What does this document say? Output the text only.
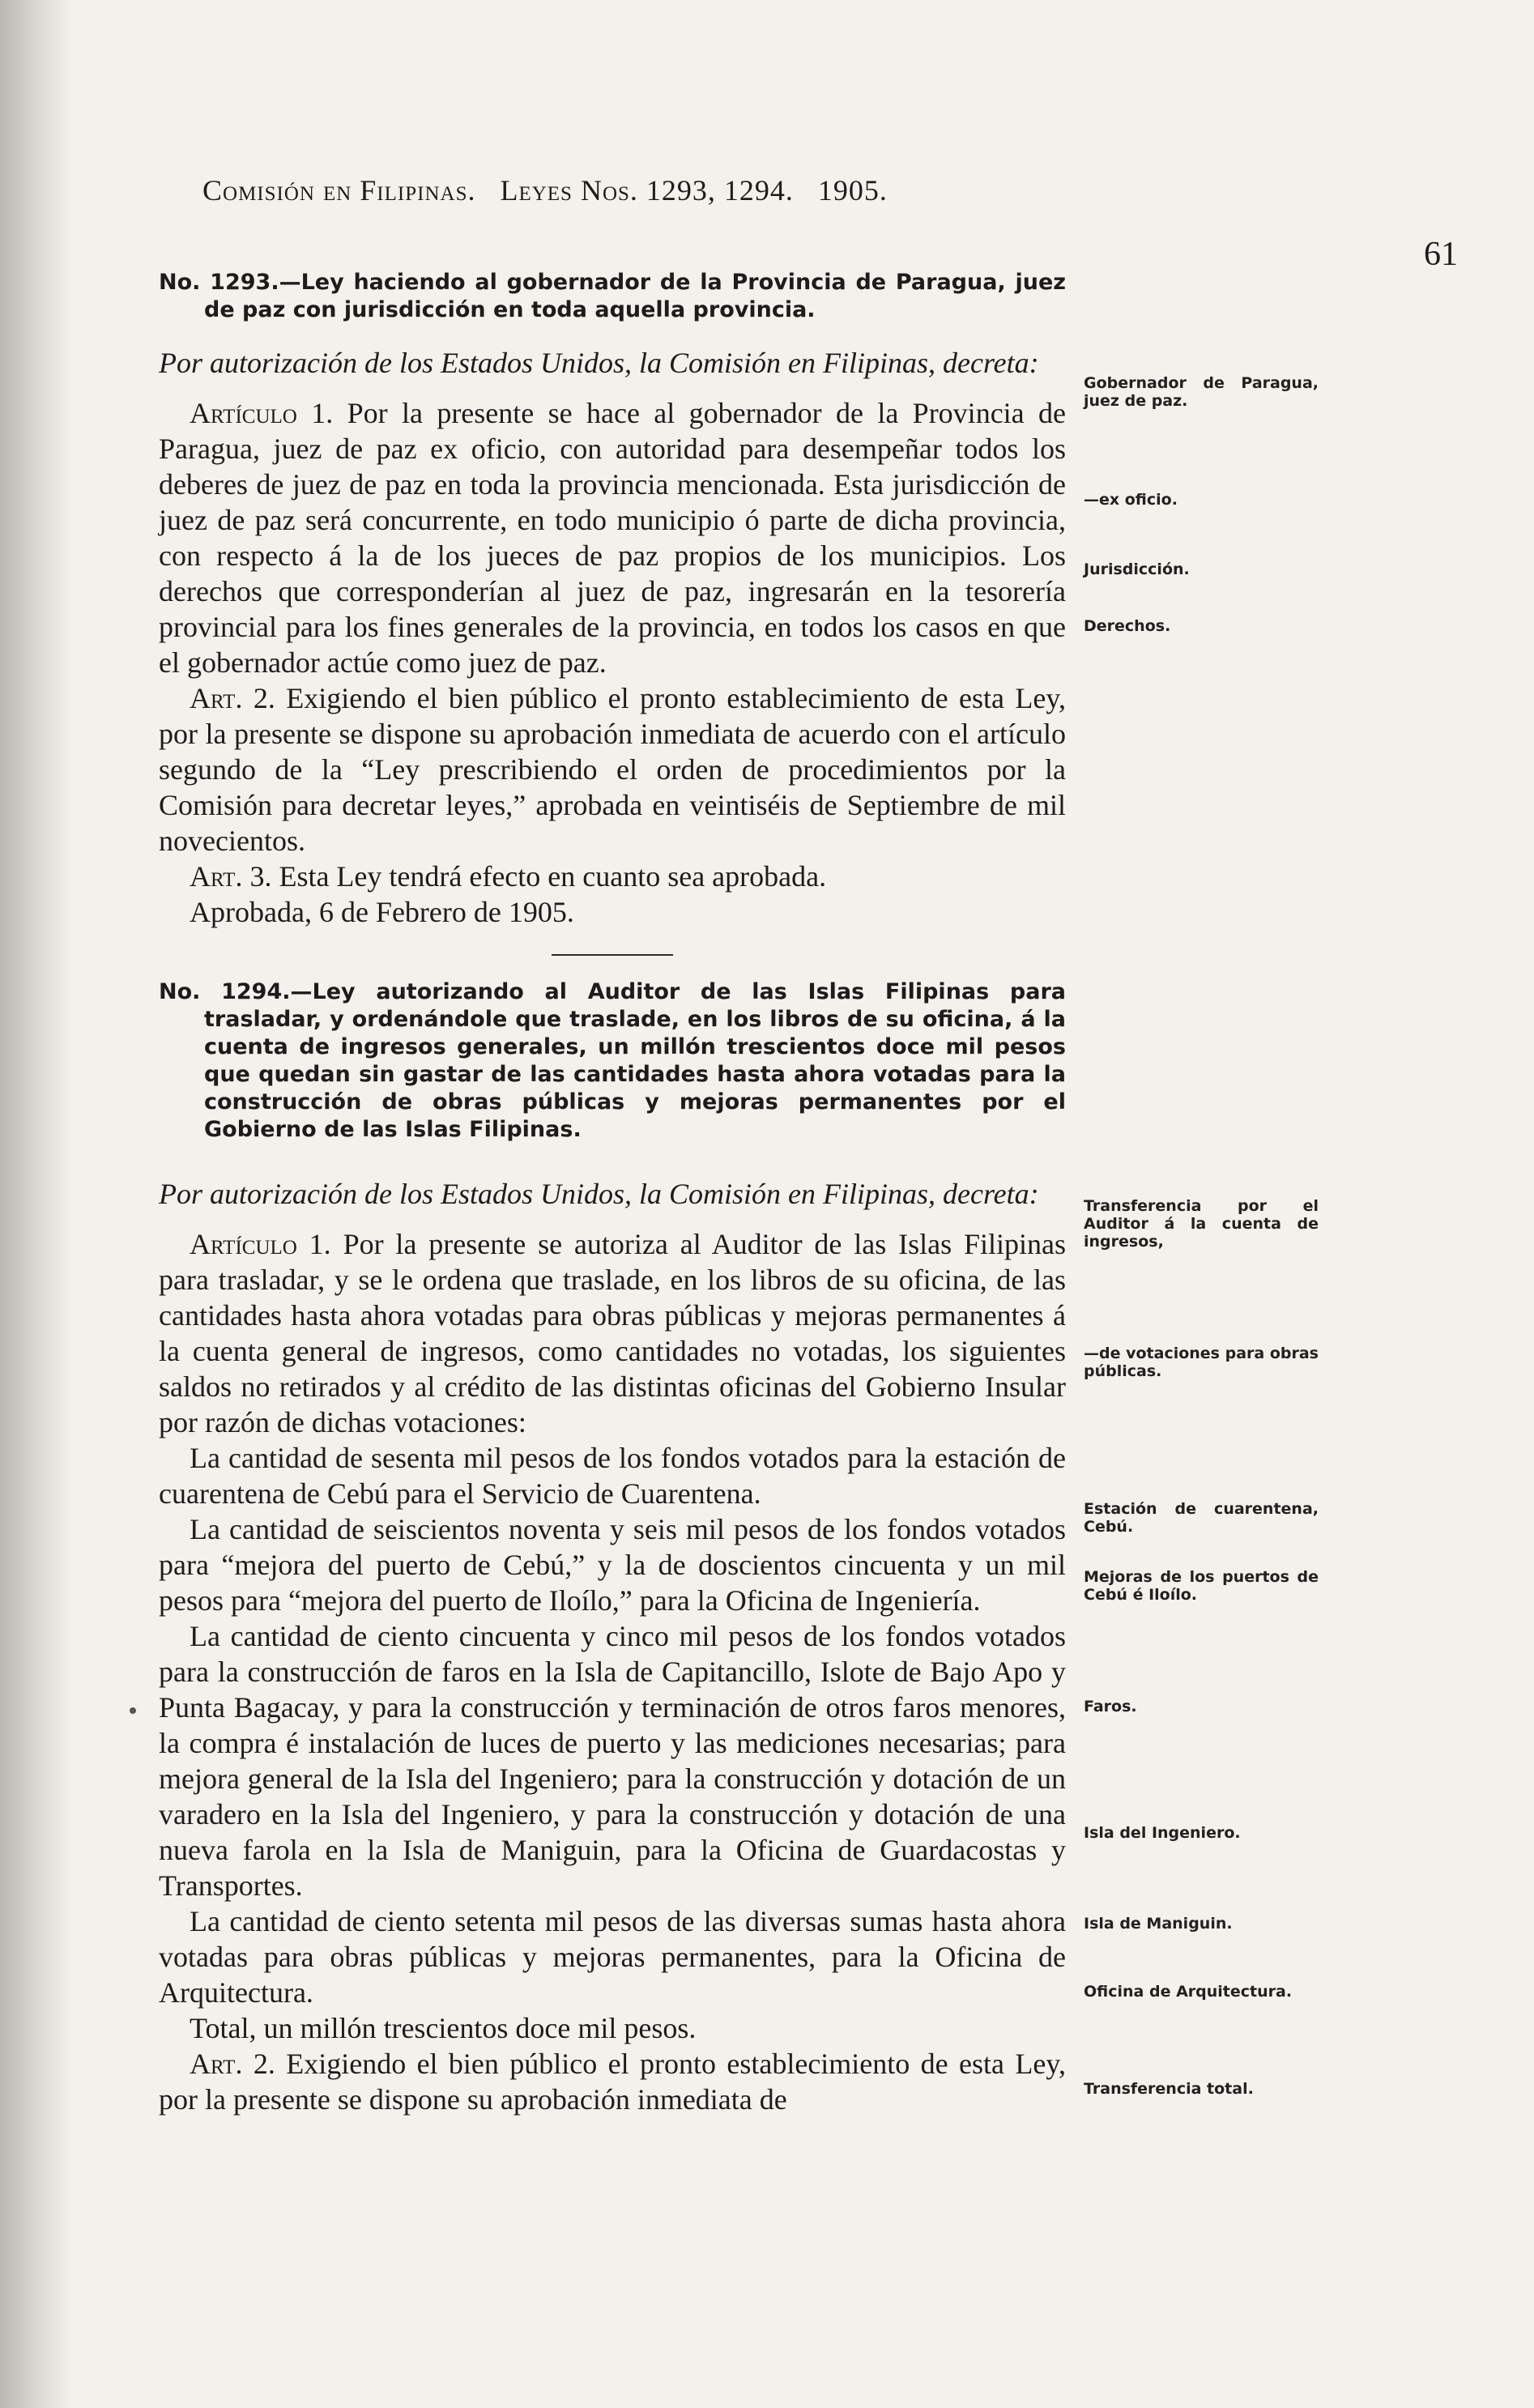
Comisión en Filipinas. Leyes Nos. 1293, 1294. 1905.
61

No. 1293.—Ley haciendo al gobernador de la Provincia de Paragua, juez de paz con jurisdicción en toda aquella provincia.

Por autorización de los Estados Unidos, la Comisión en Filipinas, decreta:

Artículo 1. Por la presente se hace al gobernador de la Provincia de Paragua, juez de paz ex oficio, con autoridad para desempeñar todos los deberes de juez de paz en toda la provincia mencionada. Esta jurisdicción de juez de paz será concurrente, en todo municipio ó parte de dicha provincia, con respecto á la de los jueces de paz propios de los municipios. Los derechos que corresponderían al juez de paz, ingresarán en la tesorería provincial para los fines generales de la provincia, en todos los casos en que el gobernador actúe como juez de paz.

Art. 2. Exigiendo el bien público el pronto establecimiento de esta Ley, por la presente se dispone su aprobación inmediata de acuerdo con el artículo segundo de la “Ley prescribiendo el orden de procedimientos por la Comisión para decretar leyes,” aprobada en veintiséis de Septiembre de mil novecientos.

Art. 3. Esta Ley tendrá efecto en cuanto sea aprobada.

Aprobada, 6 de Febrero de 1905.

No. 1294.—Ley autorizando al Auditor de las Islas Filipinas para trasladar, y ordenándole que traslade, en los libros de su oficina, á la cuenta de ingresos generales, un millón trescientos doce mil pesos que quedan sin gastar de las cantidades hasta ahora votadas para la construcción de obras públicas y mejoras permanentes por el Gobierno de las Islas Filipinas.

Por autorización de los Estados Unidos, la Comisión en Filipinas, decreta:

Artículo 1. Por la presente se autoriza al Auditor de las Islas Filipinas para trasladar, y se le ordena que traslade, en los libros de su oficina, de las cantidades hasta ahora votadas para obras públicas y mejoras permanentes á la cuenta general de ingresos, como cantidades no votadas, los siguientes saldos no retirados y al crédito de las distintas oficinas del Gobierno Insular por razón de dichas votaciones:

La cantidad de sesenta mil pesos de los fondos votados para la estación de cuarentena de Cebú para el Servicio de Cuarentena.

La cantidad de seiscientos noventa y seis mil pesos de los fondos votados para “mejora del puerto de Cebú,” y la de doscientos cincuenta y un mil pesos para “mejora del puerto de Iloílo,” para la Oficina de Ingeniería.

La cantidad de ciento cincuenta y cinco mil pesos de los fondos votados para la construcción de faros en la Isla de Capitancillo, Islote de Bajo Apo y Punta Bagacay, y para la construcción y terminación de otros faros menores, la compra é instalación de luces de puerto y las mediciones necesarias; para mejora general de la Isla del Ingeniero; para la construcción y dotación de un varadero en la Isla del Ingeniero, y para la construcción y dotación de una nueva farola en la Isla de Maniguin, para la Oficina de Guardacostas y Transportes.

La cantidad de ciento setenta mil pesos de las diversas sumas hasta ahora votadas para obras públicas y mejoras permanentes, para la Oficina de Arquitectura.

Total, un millón trescientos doce mil pesos.

Art. 2. Exigiendo el bien público el pronto establecimiento de esta Ley, por la presente se dispone su aprobación inmediata de

Gobernador de Paragua, juez de paz.
—ex oficio.
Jurisdicción.
Derechos.
Transferencia por el Auditor á la cuenta de ingresos,
—de votaciones para obras públicas.
Estación de cuarentena, Cebú.
Mejoras de los puertos de Cebú é Iloílo.
Faros.
Isla del Ingeniero.
Isla de Maniguin.
Oficina de Arquitectura.
Transferencia total.
